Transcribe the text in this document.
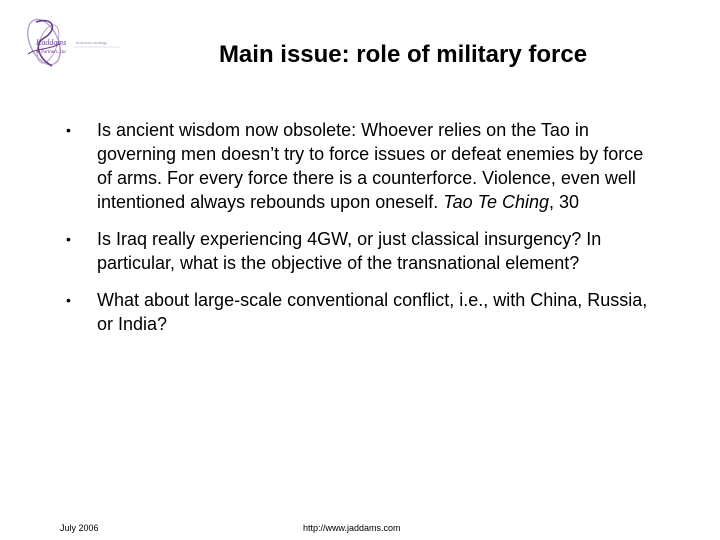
Kaddams
& Partners, Inc
business strategy	Main issue: role of military force
• Is ancient wisdom now obsolete: Whoever relies on the Tao in governing men doesn’t try to force issues or defeat enemies by force of arms. For every force there is a counterforce. Violence, even well intentioned always rebounds upon oneself. Tao Te Ching, 30
• Is Iraq really experiencing 4GW, or just classical insurgency? In particular, what is the objective of the transnational element?
• What about large-scale conventional conflict, i.e., with China, Russia, or India?
July 2006	http://www.jaddams.com
